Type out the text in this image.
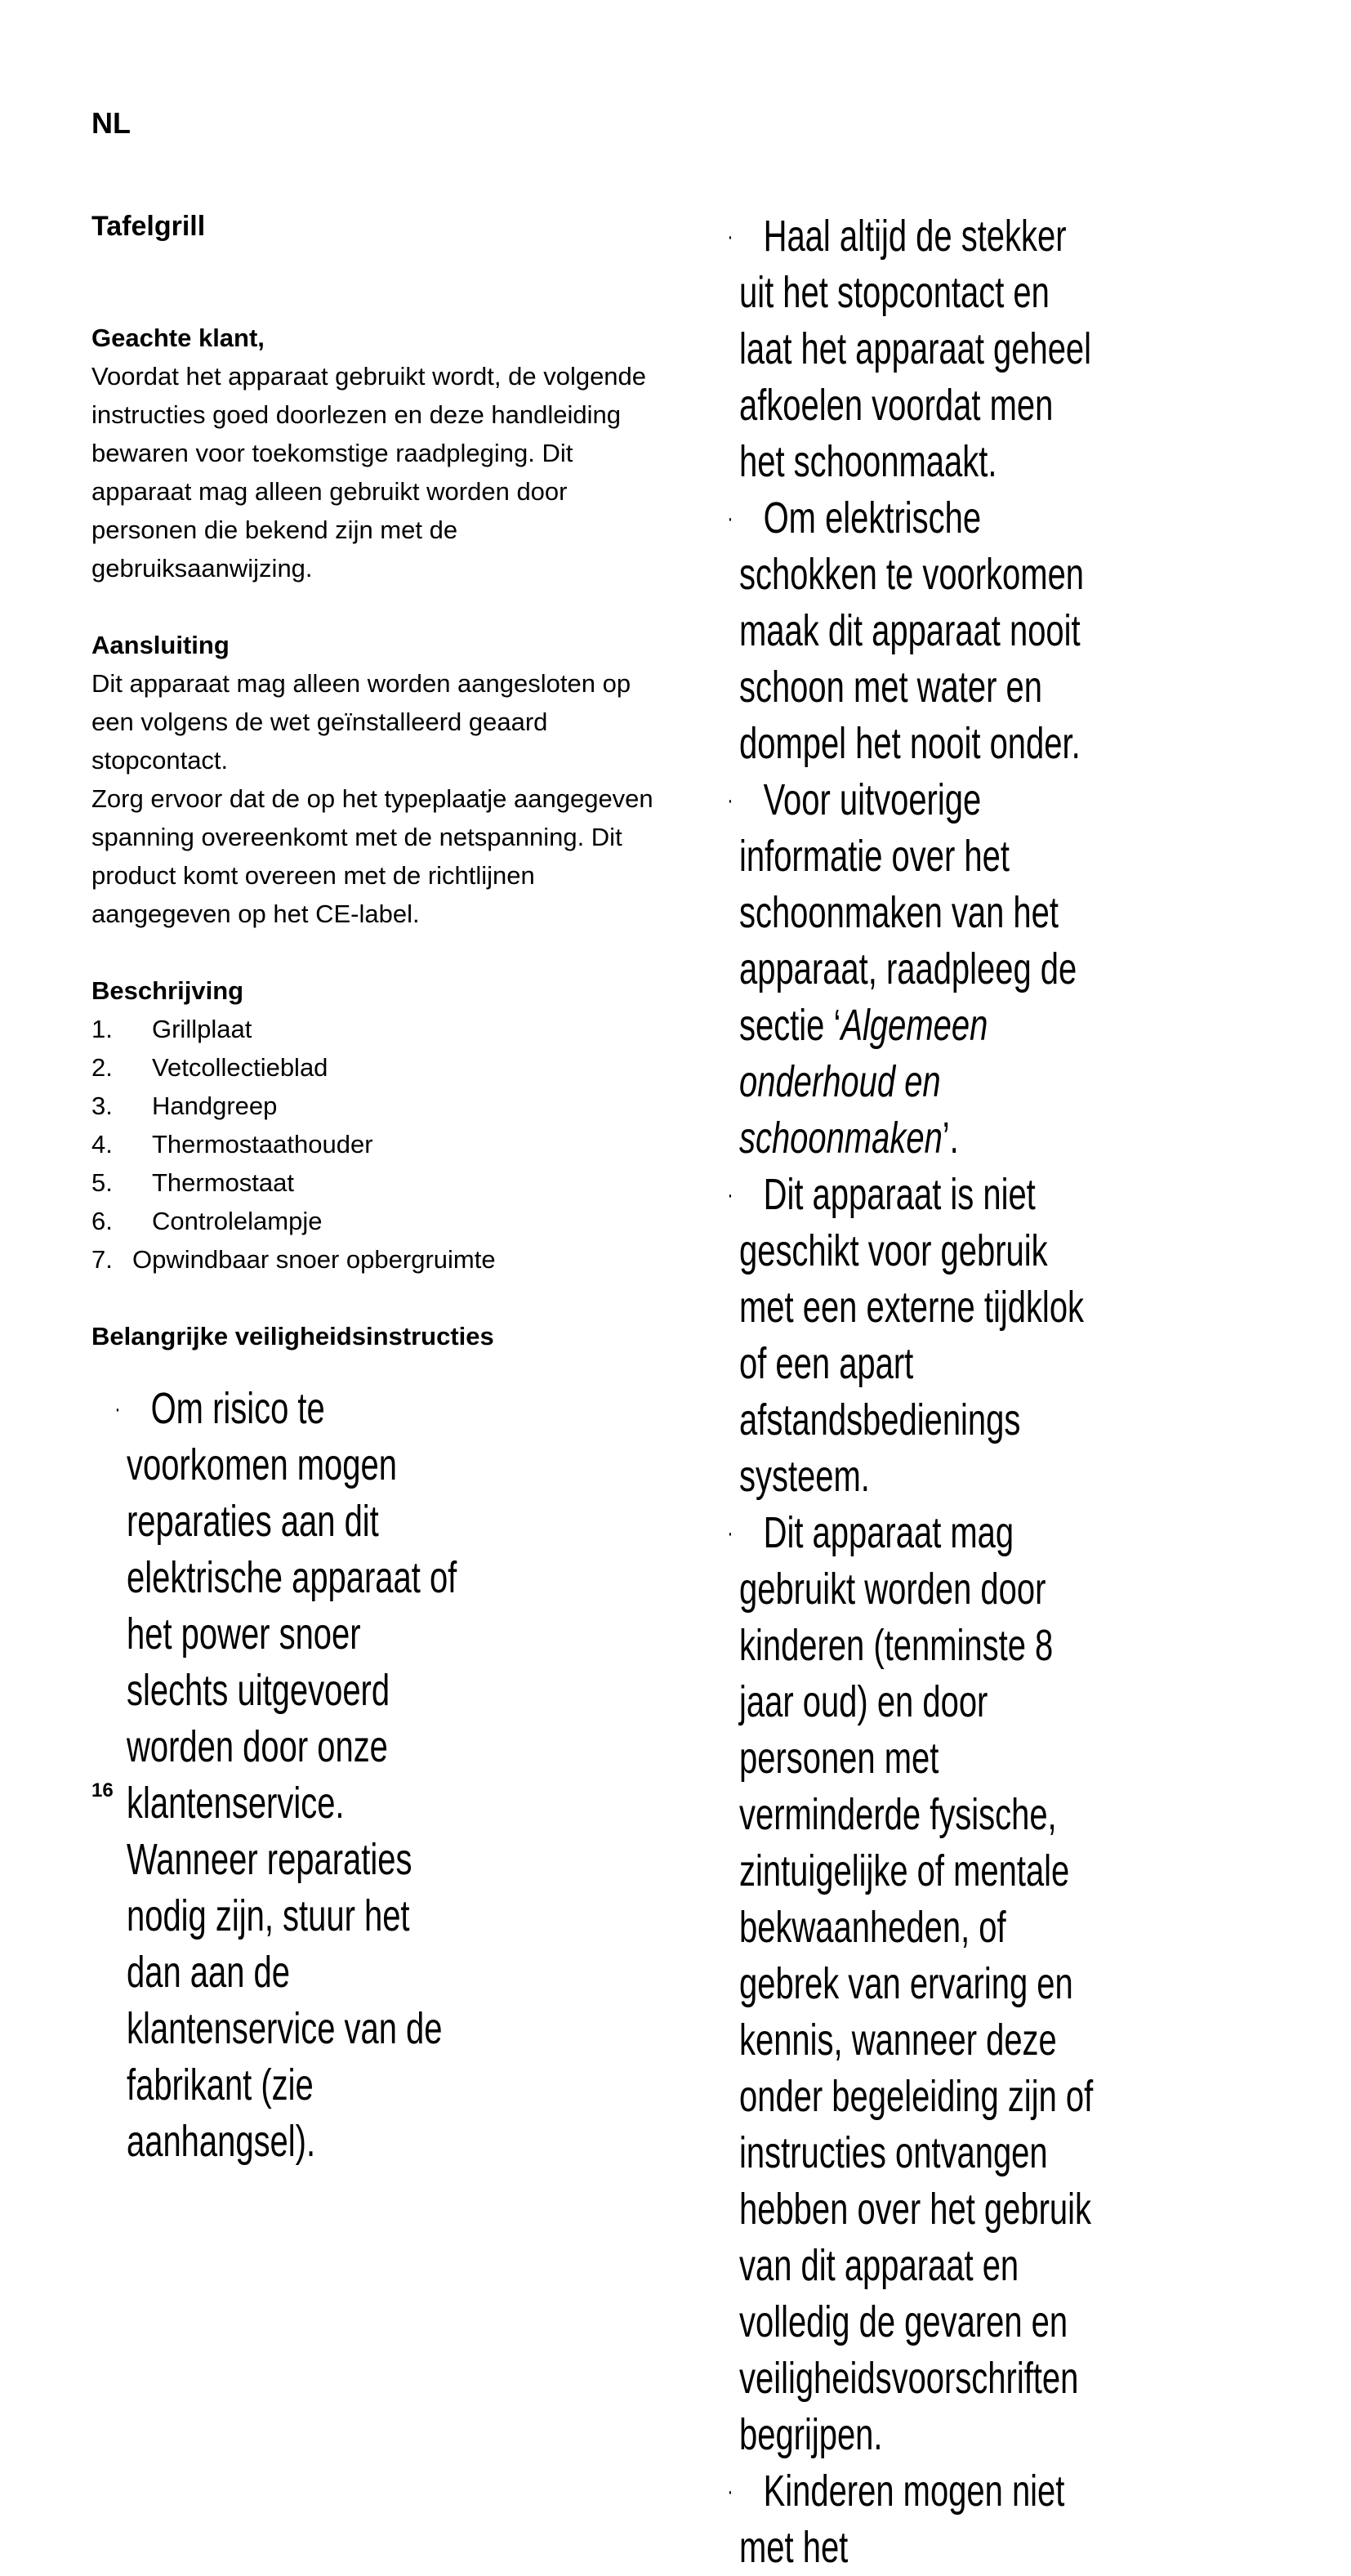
NL
Tafelgrill
Geachte klant,
Voordat het apparaat gebruikt wordt, de volgende instructies goed doorlezen en deze handleiding bewaren voor toekomstige raadpleging. Dit apparaat mag alleen gebruikt worden door personen die bekend zijn met de gebruiksaanwijzing.
Aansluiting
Dit apparaat mag alleen worden aangesloten op een volgens de wet geïnstalleerd geaard stopcontact.
Zorg ervoor dat de op het typeplaatje aangegeven spanning overeenkomt met de netspanning. Dit product komt overeen met de richtlijnen aangegeven op het CE-label.
Beschrijving
1.	Grillplaat
2.	Vetcollectieblad
3.	Handgreep
4.	Thermostaathouder
5.	Thermostaat
6.	Controlelampje
7. Opwindbaar snoer opbergruimte
Belangrijke veiligheidsinstructies
· Om risico te voorkomen mogen reparaties aan dit elektrische apparaat of het power snoer slechts uitgevoerd worden door onze klantenservice. Wanneer reparaties nodig zijn, stuur het dan aan de klantenservice van de fabrikant (zie aanhangsel).
· Haal altijd de stekker uit het stopcontact en laat het apparaat geheel afkoelen voordat men het schoonmaakt.
· Om elektrische schokken te voorkomen maak dit apparaat nooit schoon met water en dompel het nooit onder.
· Voor uitvoerige informatie over het schoonmaken van het apparaat, raadpleeg de sectie ‘Algemeen onderhoud en schoonmaken’.
· Dit apparaat is niet geschikt voor gebruik met een externe tijdklok of een apart afstandsbedienings systeem.
· Dit apparaat mag gebruikt worden door kinderen (tenminste 8 jaar oud) en door personen met verminderde fysische, zintuigelijke of mentale bekwaanheden, of gebrek van ervaring en kennis, wanneer deze onder begeleiding zijn of instructies ontvangen hebben over het gebruik van dit apparaat en volledig de gevaren en veiligheidsvoorschriften begrijpen.
· Kinderen mogen niet met het
16
